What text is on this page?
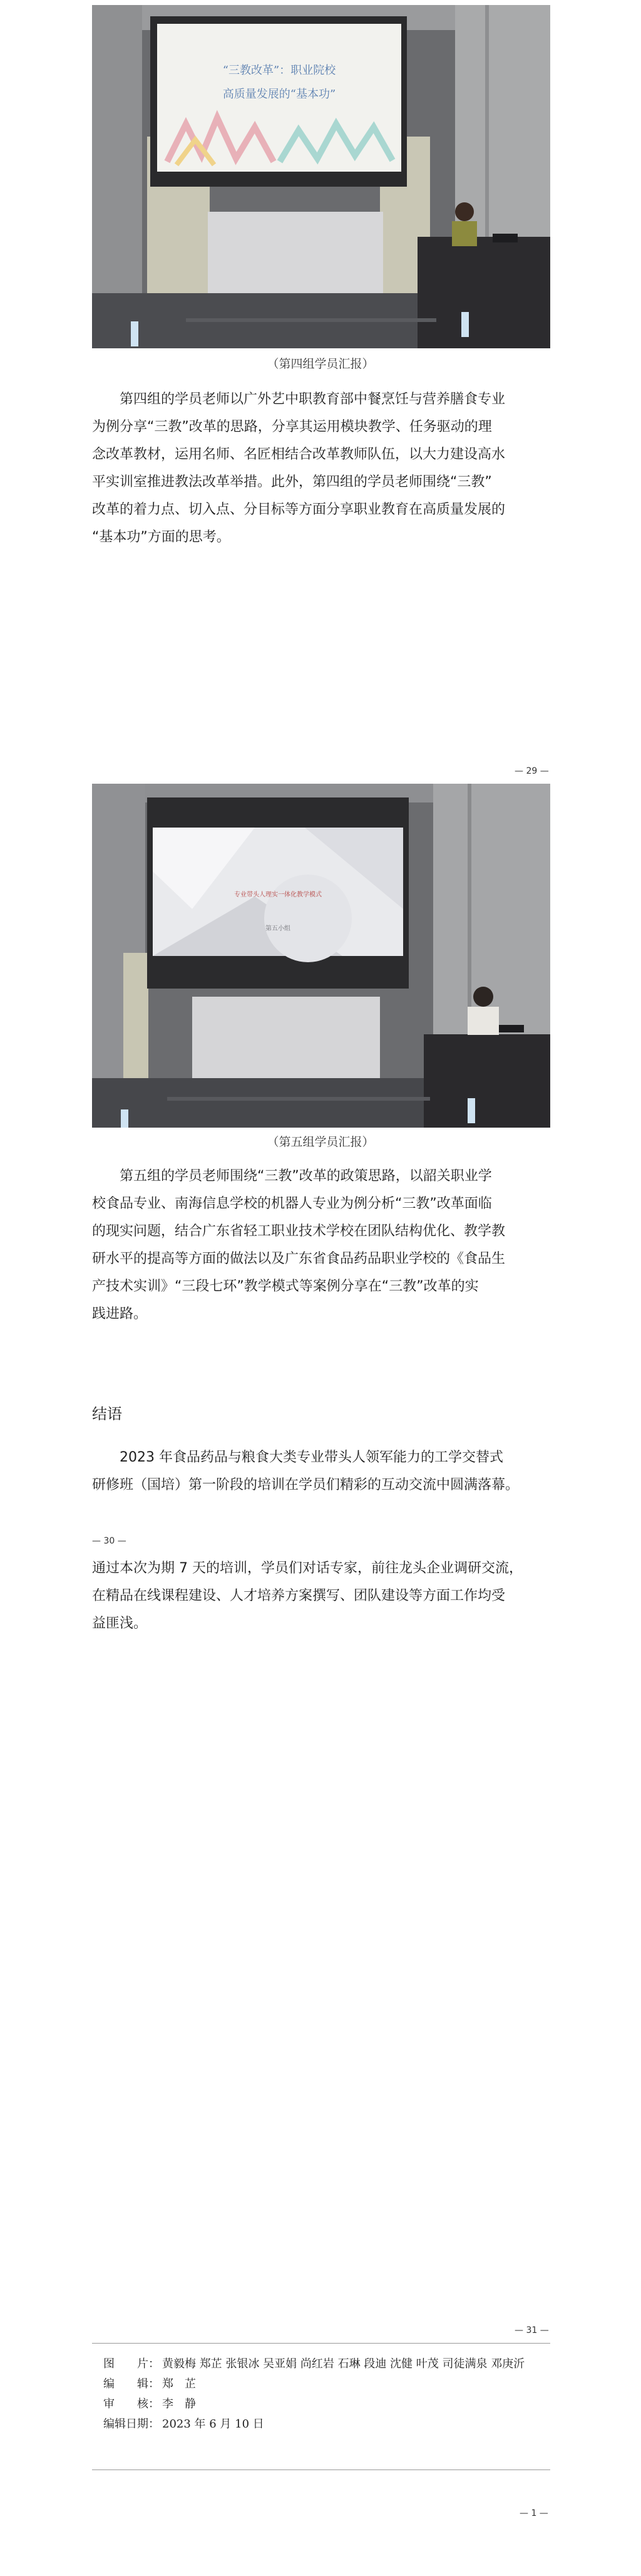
“三教改革”：职业院校
高质量发展的“基本功”
（第四组学员汇报）
　　第四组的学员老师以广外艺中职教育部中餐烹饪与营养膳食专业
为例分享“三教”改革的思路，分享其运用模块教学、任务驱动的理
念改革教材，运用名师、名匠相结合改革教师队伍，以大力建设高水
平实训室推进教法改革举措。此外，第四组的学员老师围绕“三教”
改革的着力点、切入点、分目标等方面分享职业教育在高质量发展的
“基本功”方面的思考。
— 29 —
专业带头人理实一体化教学模式
第五小组
（第五组学员汇报）
　　第五组的学员老师围绕“三教”改革的政策思路，以韶关职业学
校食品专业、南海信息学校的机器人专业为例分析“三教”改革面临
的现实问题，结合广东省轻工职业技术学校在团队结构优化、教学教
研水平的提高等方面的做法以及广东省食品药品职业学校的《食品生
产技术实训》“三段七环”教学模式等案例分享在“三教”改革的实
践进路。
结语
　　2023 年食品药品与粮食大类专业带头人领军能力的工学交替式
研修班（国培）第一阶段的培训在学员们精彩的互动交流中圆满落幕。
— 30 —
通过本次为期 7 天的培训，学员们对话专家，前往龙头企业调研交流，
在精品在线课程建设、人才培养方案撰写、团队建设等方面工作均受
益匪浅。
— 31 —
图　　片： 黄毅梅 郑芷 张银冰 吴亚娟 尚红岩 石琳 段迪 沈健 叶茂 司徒满泉 邓庚沂
编　　辑： 郑　芷
审　　核： 李　静
编辑日期： 2023 年 6 月 10 日
— 1 —
